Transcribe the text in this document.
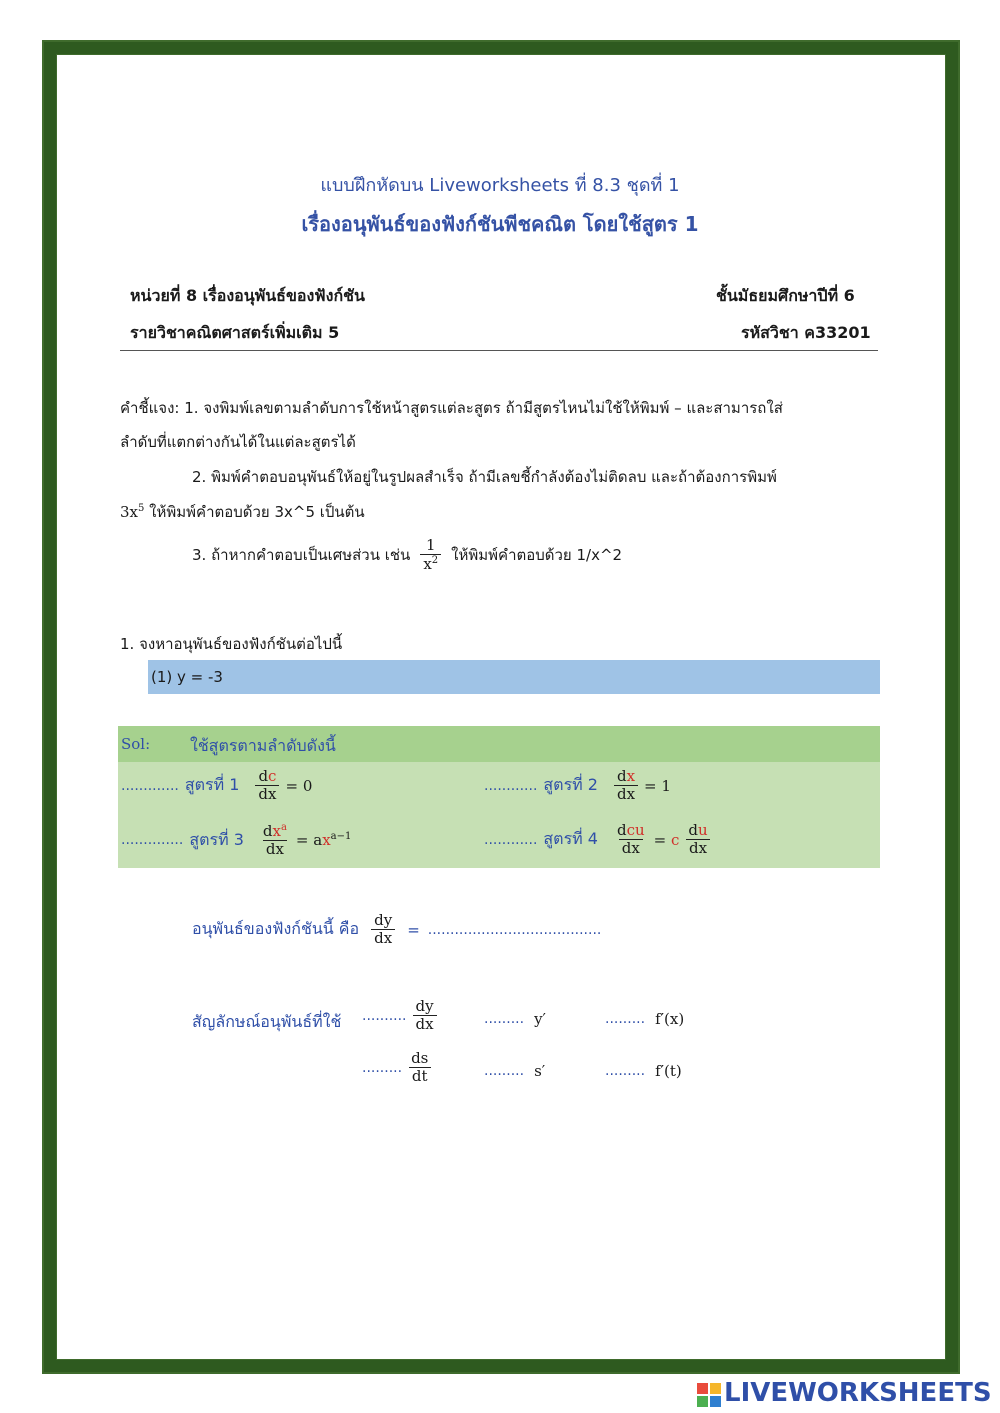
แบบฝึกหัดบน Liveworksheets ที่ 8.3 ชุดที่ 1
เรื่องอนุพันธ์ของฟังก์ชันพีชคณิต โดยใช้สูตร 1
หน่วยที่ 8 เรื่องอนุพันธ์ของฟังก์ชัน	ชั้นมัธยมศึกษาปีที่ 6
รายวิชาคณิตศาสตร์เพิ่มเติม 5	รหัสวิชา ค33201
คำชี้แจง: 1. จงพิมพ์เลขตามลำดับการใช้หน้าสูตรแต่ละสูตร ถ้ามีสูตรไหนไม่ใช้ให้พิมพ์ – และสามารถใส่
ลำดับที่แตกต่างกันได้ในแต่ละสูตรได้
2. พิมพ์คำตอบอนุพันธ์ให้อยู่ในรูปผลสำเร็จ ถ้ามีเลขชี้กำลังต้องไม่ติดลบ และถ้าต้องการพิมพ์
$3x^5$ ให้พิมพ์คำตอบด้วย 3x^5 เป็นต้น
3. ถ้าหากคำตอบเป็นเศษส่วน เช่น $\frac{1}{x^2}$ ให้พิมพ์คำตอบด้วย 1/x^2
1. จงหาอนุพันธ์ของฟังก์ชันต่อไปนี้
(1) y = -3
Sol: ใช้สูตรตามลำดับดังนี้
............. สูตรที่ $1 \frac{dc}{dx} = 0$	............ สูตรที่ $2 \frac{dx}{dx} = 1$
.............. สูตรที่ $3 \frac{dx^a}{dx} = ax^{a-1}$	............ สูตรที่ $4 \frac{\text{dcu}}{dx} = c \frac{du}{dx}$
อนุพันธ์ของฟังก์ชันนี้ คือ $\frac{dy}{dx}$ = .......................................
สัญลักษณ์อนุพันธ์ที่ใช้ .......... $\frac{dy}{dx}$	......... y′	......... f′(x)
......... $\frac{ds}{dt}$	......... s′	......... f′(t)
LIVEWORKSHEETS
